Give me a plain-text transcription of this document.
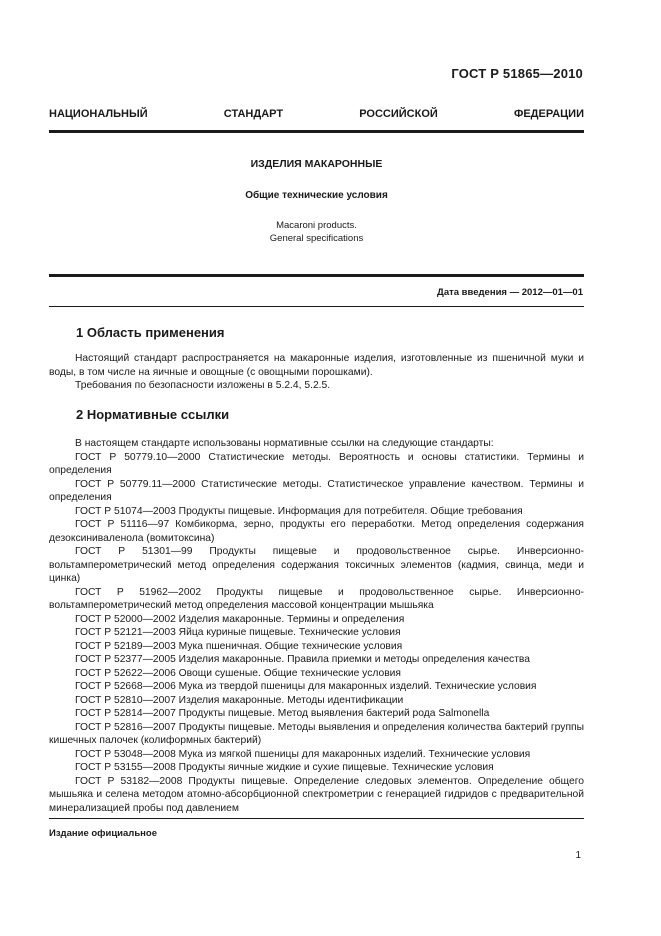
ГОСТ Р 51865—2010
НАЦИОНАЛЬНЫЙ	СТАНДАРТ	РОССИЙСКОЙ	ФЕДЕРАЦИИ
ИЗДЕЛИЯ МАКАРОННЫЕ
Общие технические условия
Macaroni products.
General specifications
Дата введения — 2012—01—01
1 Область применения

Настоящий стандарт распространяется на макаронные изделия, изготовленные из пшеничной муки и воды, в том числе на яичные и овощные (с овощными порошками).

Требования по безопасности изложены в 5.2.4, 5.2.5.

2 Нормативные ссылки

В настоящем стандарте использованы нормативные ссылки на следующие стандарты:

ГОСТ Р 50779.10—2000 Статистические методы. Вероятность и основы статистики. Термины и определения

ГОСТ Р 50779.11—2000 Статистические методы. Статистическое управление качеством. Термины и определения

ГОСТ Р 51074—2003 Продукты пищевые. Информация для потребителя. Общие требования

ГОСТ Р 51116—97 Комбикорма, зерно, продукты его переработки. Метод определения содержания дезоксиниваленола (вомитоксина)

ГОСТ Р 51301—99 Продукты пищевые и продовольственное сырье. Инверсионно-вольтамперометрический метод определения содержания токсичных элементов (кадмия, свинца, меди и цинка)

ГОСТ Р 51962—2002 Продукты пищевые и продовольственное сырье. Инверсионно-вольтамперометрический метод определения массовой концентрации мышьяка

ГОСТ Р 52000—2002 Изделия макаронные. Термины и определения

ГОСТ Р 52121—2003 Яйца куриные пищевые. Технические условия

ГОСТ Р 52189—2003 Мука пшеничная. Общие технические условия

ГОСТ Р 52377—2005 Изделия макаронные. Правила приемки и методы определения качества

ГОСТ Р 52622—2006 Овощи сушеные. Общие технические условия

ГОСТ Р 52668—2006 Мука из твердой пшеницы для макаронных изделий. Технические условия

ГОСТ Р 52810—2007 Изделия макаронные. Методы идентификации

ГОСТ Р 52814—2007 Продукты пищевые. Метод выявления бактерий рода Salmonella

ГОСТ Р 52816—2007 Продукты пищевые. Методы выявления и определения количества бактерий группы кишечных палочек (колиформных бактерий)

ГОСТ Р 53048—2008 Мука из мягкой пшеницы для макаронных изделий. Технические условия

ГОСТ Р 53155—2008 Продукты яичные жидкие и сухие пищевые. Технические условия

ГОСТ Р 53182—2008 Продукты пищевые. Определение следовых элементов. Определение общего мышьяка и селена методом атомно-абсорбционной спектрометрии с генерацией гидридов с предварительной минерализацией пробы под давлением

Издание официальное
1
